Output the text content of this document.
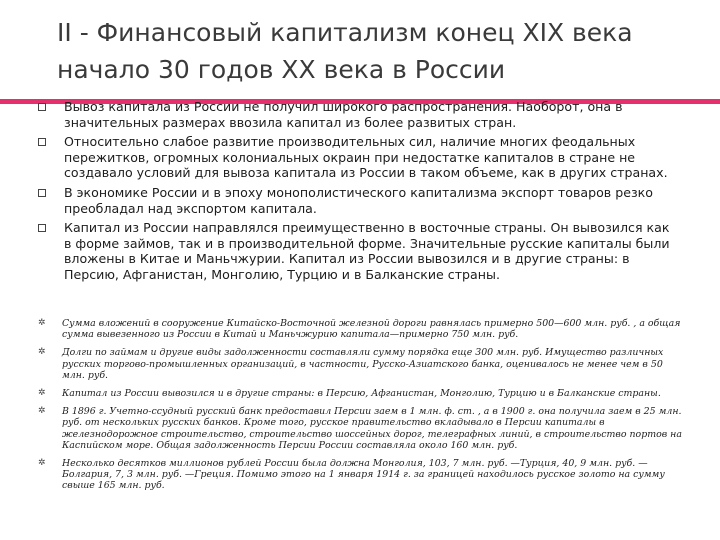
II - Финансовый капитализм конец XIX века начало 30 годов XX века в России
Вывоз капитала из России не получил широкого распространения. Наоборот, она в значительных размерах ввозила капитал из более развитых стран.
Относительно слабое развитие производительных сил, наличие многих феодальных пережитков, огромных колониальных окраин при недостатке капиталов в стране не создавало условий для вывоза капитала из России в таком объеме, как в других странах.
В экономике России и в эпоху монополистического капитализма экспорт товаров резко преобладал над экспортом капитала.
Капитал из России направлялся преимущественно в восточные страны. Он вывозился как в форме займов, так и в производительной форме. Значительные русские капиталы были вложены в Китае и Маньчжурии. Капитал из России вывозился и в другие страны: в Персию, Афганистан, Монголию, Турцию и в Балканские страны.
✲ Сумма вложений в сооружение Китайско-Восточной железной дороги равнялась примерно 500—600 млн. руб. , а общая сумма вывезенного из России в Китай и Маньчжурию капитала—примерно 750 млн. руб.
✲ Долги по займам и другие виды задолженности составляли сумму порядка еще 300 млн. руб. Имущество различных русских торгово-промышленных организаций, в частности, Русско-Азиатского банка, оценивалось не менее чем в 50 млн. руб.
✲ Капитал из России вывозился и в другие страны: в Персию, Афганистан, Монголию, Турцию и в Балканские страны.
✲ В 1896 г. Учетно-ссудный русский банк предоставил Персии заем в 1 млн. ф. ст. , а в 1900 г. она получила заем в 25 млн. руб. от нескольких русских банков. Кроме того, русское правительство вкладывало в Персии капиталы в железнодорожное строительство, строительство шоссейных дорог, телеграфных линий, в строительство портов на Каспийском море. Общая задолженность Персии России составляла около 160 млн. руб.
✲ Несколько десятков миллионов рублей России была должна Монголия, 103, 7 млн. руб. —Турция, 40, 9 млн. руб. — Болгария, 7, 3 млн. руб. —Греция. Помимо этого на 1 января 1914 г. за границей находилось русское золото на сумму свыше 165 млн. руб.
